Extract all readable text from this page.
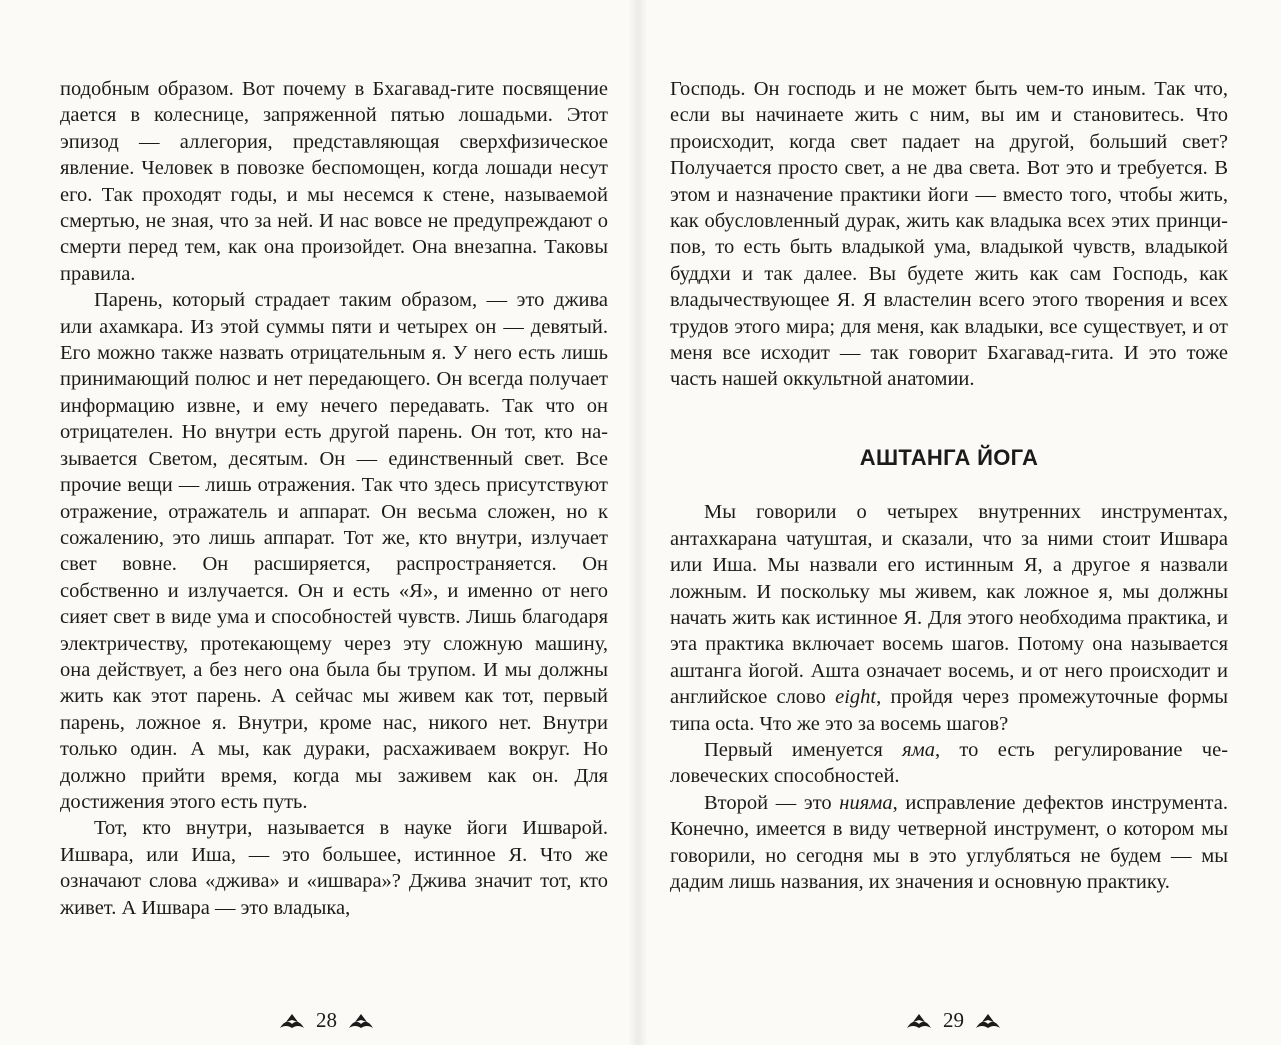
подобным образом. Вот почему в Бхагавад-гите посвящение дается в колеснице, запряженной пятью лошадьми. Этот эпизод — аллегория, представляющая сверхфизическое явление. Человек в повозке беспомощен, когда лошади несут его. Так проходят годы, и мы несемся к стене, называемой смертью, не зная, что за ней. И нас вовсе не предупреждают о смерти перед тем, как она произойдет. Она внезапна. Таковы правила.

Парень, который страдает таким образом, — это джива или ахамкара. Из этой суммы пяти и четырех он — девятый. Его можно также назвать отрицательным я. У него есть лишь принимающий полюс и нет передающего. Он всегда получает информацию извне, и ему нечего передавать. Так что он отрицателен. Но внутри есть другой парень. Он тот, кто называется Светом, десятым. Он — единственный свет. Все прочие вещи — лишь отражения. Так что здесь присутствуют отражение, отражатель и аппарат. Он весьма сложен, но к сожалению, это лишь аппарат. Тот же, кто внутри, излучает свет вовне. Он расширяется, распространяется. Он собственно и излучается. Он и есть «Я», и именно от него сияет свет в виде ума и способностей чувств. Лишь благодаря электричеству, протекающему через эту сложную машину, она действует, а без него она была бы трупом. И мы должны жить как этот парень. А сейчас мы живем как тот, первый парень, ложное я. Внутри, кроме нас, никого нет. Внутри только один. А мы, как дураки, расхаживаем вокруг. Но должно прийти время, когда мы заживем как он. Для достижения этого есть путь.

Тот, кто внутри, называется в науке йоги Ишварой. Ишвара, или Иша, — это большее, истинное Я. Что же означают слова «джива» и «ишвара»? Джива значит тот, кто живет. А Ишвара — это владыка,

28

Господь. Он господь и не может быть чем-то иным. Так что, если вы начинаете жить с ним, вы им и становитесь. Что происходит, когда свет падает на другой, больший свет? Получается просто свет, а не два света. Вот это и требуется. В этом и назначение практики йоги — вместо того, чтобы жить, как обусловленный дурак, жить как владыка всех этих принципов, то есть быть владыкой ума, владыкой чувств, владыкой буддхи и так далее. Вы будете жить как сам Господь, как владычествующее Я. Я властелин всего этого творения и всех трудов этого мира; для меня, как владыки, все существует, и от меня все исходит — так говорит Бхагавад-гита. И это тоже часть нашей оккультной анатомии.

АШТАНГА ЙОГА

Мы говорили о четырех внутренних инструментах, антахкарана чатуштая, и сказали, что за ними стоит Ишвара или Иша. Мы назвали его истинным Я, а другое я назвали ложным. И поскольку мы живем, как ложное я, мы должны начать жить как истинное Я. Для этого необходима практика, и эта практика включает восемь шагов. Потому она называется аштанга йогой. Ашта означает восемь, и от него происходит и английское слово eight, пройдя через промежуточные формы типа octa. Что же это за восемь шагов?

Первый именуется яма, то есть регулирование человеческих способностей.

Второй — это нияма, исправление дефектов инструмента. Конечно, имеется в виду четверной инструмент, о котором мы говорили, но сегодня мы в это углубляться не будем — мы дадим лишь названия, их значения и основную практику.

29
